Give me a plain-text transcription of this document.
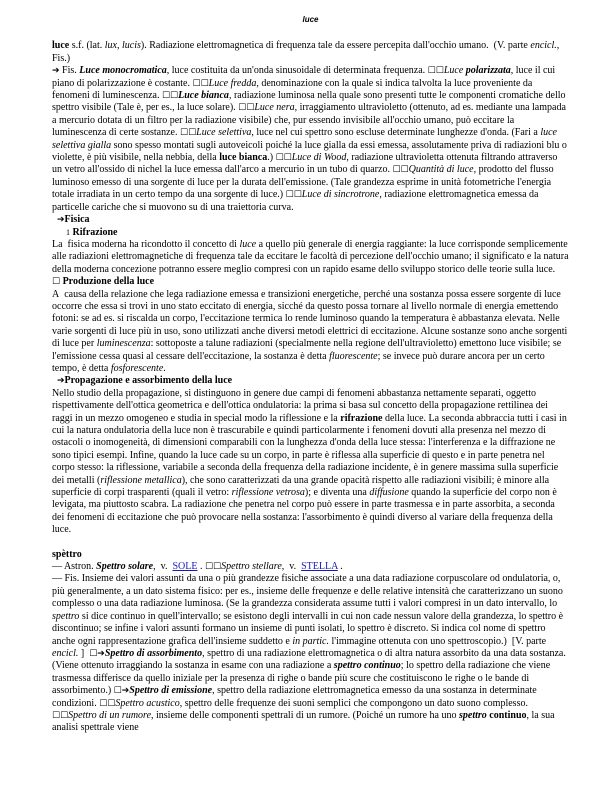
luce

luce s.f. (lat. lux, lucis). Radiazione elettromagnetica di frequenza tale da essere percepita dall'occhio umano.  (V. parte encicl., Fis.)

➔ Fis. Luce monocromatica, luce costituita da un'onda sinusoidale di determinata frequenza. ☐☐Luce polarizzata, luce il cui piano di polarizzazione è costante. ☐☐Luce fredda, denominazione con la quale si indica talvolta la luce proveniente da fenomeni di luminescenza. ☐☐Luce bianca, radiazione luminosa nella quale sono presenti tutte le componenti cromatiche dello spettro visibile (Tale è, per es., la luce solare). ☐☐Luce nera, irraggiamento ultravioletto (ottenuto, ad es. mediante una lampada a mercurio dotata di un filtro per la radiazione visibile) che, pur essendo invisibile all'occhio umano, può eccitare la luminescenza di certe sostanze. ☐☐Luce selettiva, luce nel cui spettro sono escluse determinate lunghezze d'onda. (Fari a luce selettiva gialla sono spesso montati sugli autoveicoli poiché la luce gialla da essi emessa, assolutamente priva di radiazioni blu o violette, è più visibile, nella nebbia, della luce bianca.) ☐☐Luce di Wood, radiazione ultravioletta ottenuta filtrando attraverso un vetro all'ossido di nichel la luce emessa dall'arco a mercurio in un tubo di quarzo. ☐☐Quantità di luce, prodotto del flusso luminoso emesso di una sorgente di luce per la durata dell'emissione. (Tale grandezza esprime in unità fotometriche l'energia totale irradiata in un certo tempo da una sorgente di luce.) ☐☐Luce di sincrotrone, radiazione elettromagnetica emessa da particelle cariche che si muovono su di una traiettoria curva.

➔Fisica

1 Rifrazione

La  fisica moderna ha ricondotto il concetto di luce a quello più generale di energia raggiante: la luce corrisponde semplicemente alle radiazioni elettromagnetiche di frequenza tale da eccitare le facoltà di percezione dell'occhio umano; il significato e la natura della moderna concezione potranno essere meglio compresi con un rapido esame dello sviluppo storico delle teorie sulla luce.

☐ Produzione della luce

A  causa della relazione che lega radiazione emessa e transizioni energetiche, perché una sostanza possa essere sorgente di luce occorre che essa si trovi in uno stato eccitato di energia, sicché da questo possa tornare al livello normale di energia emettendo fotoni: se ad es. si riscalda un corpo, l'eccitazione termica lo rende luminoso quando la temperatura è abbastanza elevata. Nelle varie sorgenti di luce più in uso, sono utilizzati anche diversi metodi elettrici di eccitazione. Alcune sostanze sono anche sorgenti di luce per luminescenza: sottoposte a talune radiazioni (specialmente nella regione dell'ultravioletto) emettono luce visibile; se l'emissione cessa quasi al cessare dell'eccitazione, la sostanza è detta fluorescente; se invece può durare ancora per un certo tempo, è detta fosforescente.

➔Propagazione e assorbimento della luce

Nello studio della propagazione, si distinguono in genere due campi di fenomeni abbastanza nettamente separati, oggetto rispettivamente dell'ottica geometrica e dell'ottica ondulatoria: la prima si basa sul concetto della propagazione rettilinea dei raggi in un mezzo omogeneo e studia in special modo la riflessione e la rifrazione della luce. La seconda abbraccia tutti i casi in cui la natura ondulatoria della luce non è trascurabile e quindi particolarmente i fenomeni dovuti alla presenza nel mezzo di ostacoli o inomogeneità, di dimensioni comparabili con la lunghezza d'onda della luce stessa: l'interferenza e la diffrazione ne sono tipici esempi. Infine, quando la luce cade su un corpo, in parte è riflessa alla superficie di questo e in parte penetra nel corpo stesso: la riflessione, variabile a seconda della frequenza della radiazione incidente, è in genere massima sulla superficie dei metalli (riflessione metallica), che sono caratterizzati da una grande opacità rispetto alle radiazioni visibili; è minore alla superficie di corpi trasparenti (quali il vetro: riflessione vetrosa); e diventa una diffusione quando la superficie del corpo non è levigata, ma piuttosto scabra. La radiazione che penetra nel corpo può essere in parte trasmessa e in parte assorbita, a seconda dei fenomeni di eccitazione che può provocare nella sostanza: l'assorbimento è quindi diverso al variare della frequenza della luce.

spèttro

— Astron. Spettro solare,  v.  SOLE . ☐☐Spettro stellare,  v.  STELLA .

— Fis. Insieme dei valori assunti da una o più grandezze fisiche associate a una data radiazione corpuscolare od ondulatoria, o, più generalmente, a un dato sistema fisico: per es., insieme delle frequenze e delle relative intensità che caratterizzano un suono complesso o una data radiazione luminosa. (Se la grandezza considerata assume tutti i valori compresi in un dato intervallo, lo spettro si dice continuo in quell'intervallo; se esistono degli intervalli in cui non cade nessun valore della grandezza, lo spettro è discontinuo; se infine i valori assunti formano un insieme di punti isolati, lo spettro è discreto. Si indica col nome di spettro anche ogni rappresentazione grafica dell'insieme suddetto e in partic. l'immagine ottenuta con uno spettroscopio.)  [V. parte encicl. ]  ☐➔Spettro di assorbimento, spettro di una radiazione elettromagnetica o di altra natura assorbito da una data sostanza. (Viene ottenuto irraggiando la sostanza in esame con una radiazione a spettro continuo; lo spettro della radiazione che viene trasmessa differisce da quello iniziale per la presenza di righe o bande più scure che costituiscono le righe o le bande di assorbimento.) ☐➔Spettro di emissione, spettro della radiazione elettromagnetica emesso da una sostanza in determinate condizioni. ☐☐Spettro acustico, spettro delle frequenze dei suoni semplici che compongono un dato suono complesso. ☐☐Spettro di un rumore, insieme delle componenti spettrali di un rumore. (Poiché un rumore ha uno spettro continuo, la sua analisi spettrale viene
